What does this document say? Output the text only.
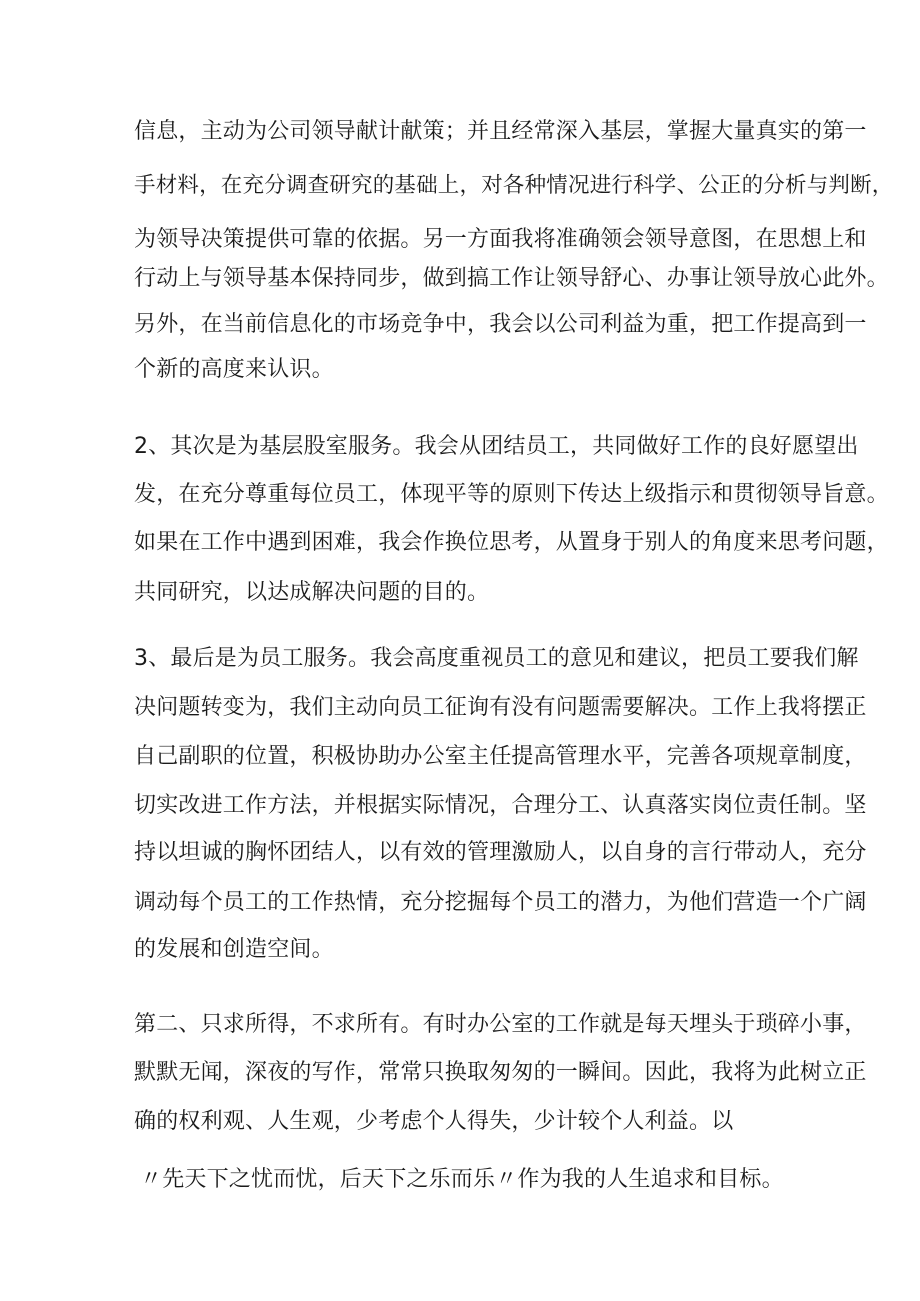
信息，主动为公司领导献计献策；并且经常深入基层，掌握大量真实的第一
手材料，在充分调查研究的基础上，对各种情况进行科学、公正的分析与判断，
为领导决策提供可靠的依据。另一方面我将准确领会领导意图，在思想上和
行动上与领导基本保持同步，做到搞工作让领导舒心、办事让领导放心此外。
另外，在当前信息化的市场竞争中，我会以公司利益为重，把工作提高到一
个新的高度来认识。
2、其次是为基层股室服务。我会从团结员工，共同做好工作的良好愿望出
发，在充分尊重每位员工，体现平等的原则下传达上级指示和贯彻领导旨意。
如果在工作中遇到困难，我会作换位思考，从置身于别人的角度来思考问题，
共同研究，以达成解决问题的目的。
3、最后是为员工服务。我会高度重视员工的意见和建议，把员工要我们解
决问题转变为，我们主动向员工征询有没有问题需要解决。工作上我将摆正
自己副职的位置，积极协助办公室主任提高管理水平，完善各项规章制度，
切实改进工作方法，并根据实际情况，合理分工、认真落实岗位责任制。坚
持以坦诚的胸怀团结人，以有效的管理激励人，以自身的言行带动人，充分
调动每个员工的工作热情，充分挖掘每个员工的潜力，为他们营造一个广阔
的发展和创造空间。
第二、只求所得，不求所有。有时办公室的工作就是每天埋头于琐碎小事，
默默无闻，深夜的写作，常常只换取匆匆的一瞬间。因此，我将为此树立正
确的权利观、人生观，少考虑个人得失，少计较个人利益。以
〃先天下之忧而忧，后天下之乐而乐〃作为我的人生追求和目标。
